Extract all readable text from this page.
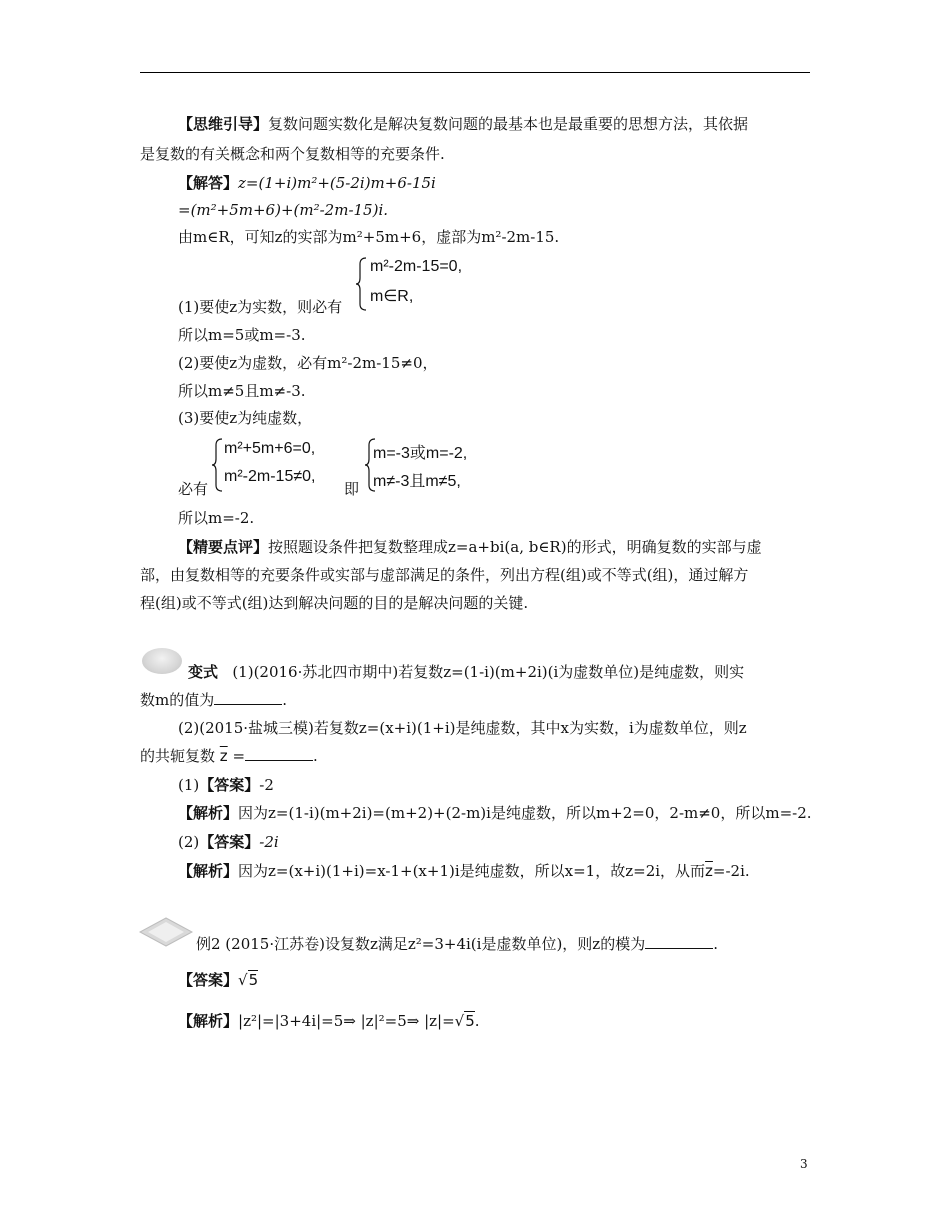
【思维引导】复数问题实数化是解决复数问题的最基本也是最重要的思想方法，其依据
是复数的有关概念和两个复数相等的充要条件.
【解答】z=(1+i)m²+(5-2i)m+6-15i
=(m²+5m+6)+(m²-2m-15)i.
由m∈R，可知z的实部为m²+5m+6，虚部为m²-2m-15.
m²-2m-15=0,
m∈R,
(1)要使z为实数，则必有
所以m=5或m=-3.
(2)要使z为虚数，必有m²-2m-15≠0，
所以m≠5且m≠-3.
(3)要使z为纯虚数，
m²+5m+6=0,
m²-2m-15≠0,
必有	即
m=-3或m=-2,
m≠-3且m≠5,
所以m=-2.
【精要点评】按照题设条件把复数整理成z=a+bi(a, b∈R)的形式，明确复数的实部与虚
部，由复数相等的充要条件或实部与虚部满足的条件，列出方程(组)或不等式(组)，通过解方
程(组)或不等式(组)达到解决问题的目的是解决问题的关键.
变式 (1)(2016·苏北四市期中)若复数z=(1-i)(m+2i)(i为虚数单位)是纯虚数，则实
数m的值为	.
(2)(2015·盐城三模)若复数z=(x+i)(1+i)是纯虚数，其中x为实数，i为虚数单位，则z
的共轭复数 $\overline{z}$ =	.
(1)【答案】-2
【解析】因为z=(1-i)(m+2i)=(m+2)+(2-m)i是纯虚数，所以m+2=0，2-m≠0，所以m=-2.
(2)【答案】-2i
【解析】因为z=(x+i)(1+i)=x-1+(x+1)i是纯虚数，所以x=1，故z=2i，从而$\overline{z}=-2i$.
例2 (2015·江苏卷)设复数z满足z²=3+4i(i是虚数单位)，则z的模为	.
【答案】√5
【解析】|z²|=|3+4i|=5⇒ |z|²=5⇒ |z|=√5.
3
